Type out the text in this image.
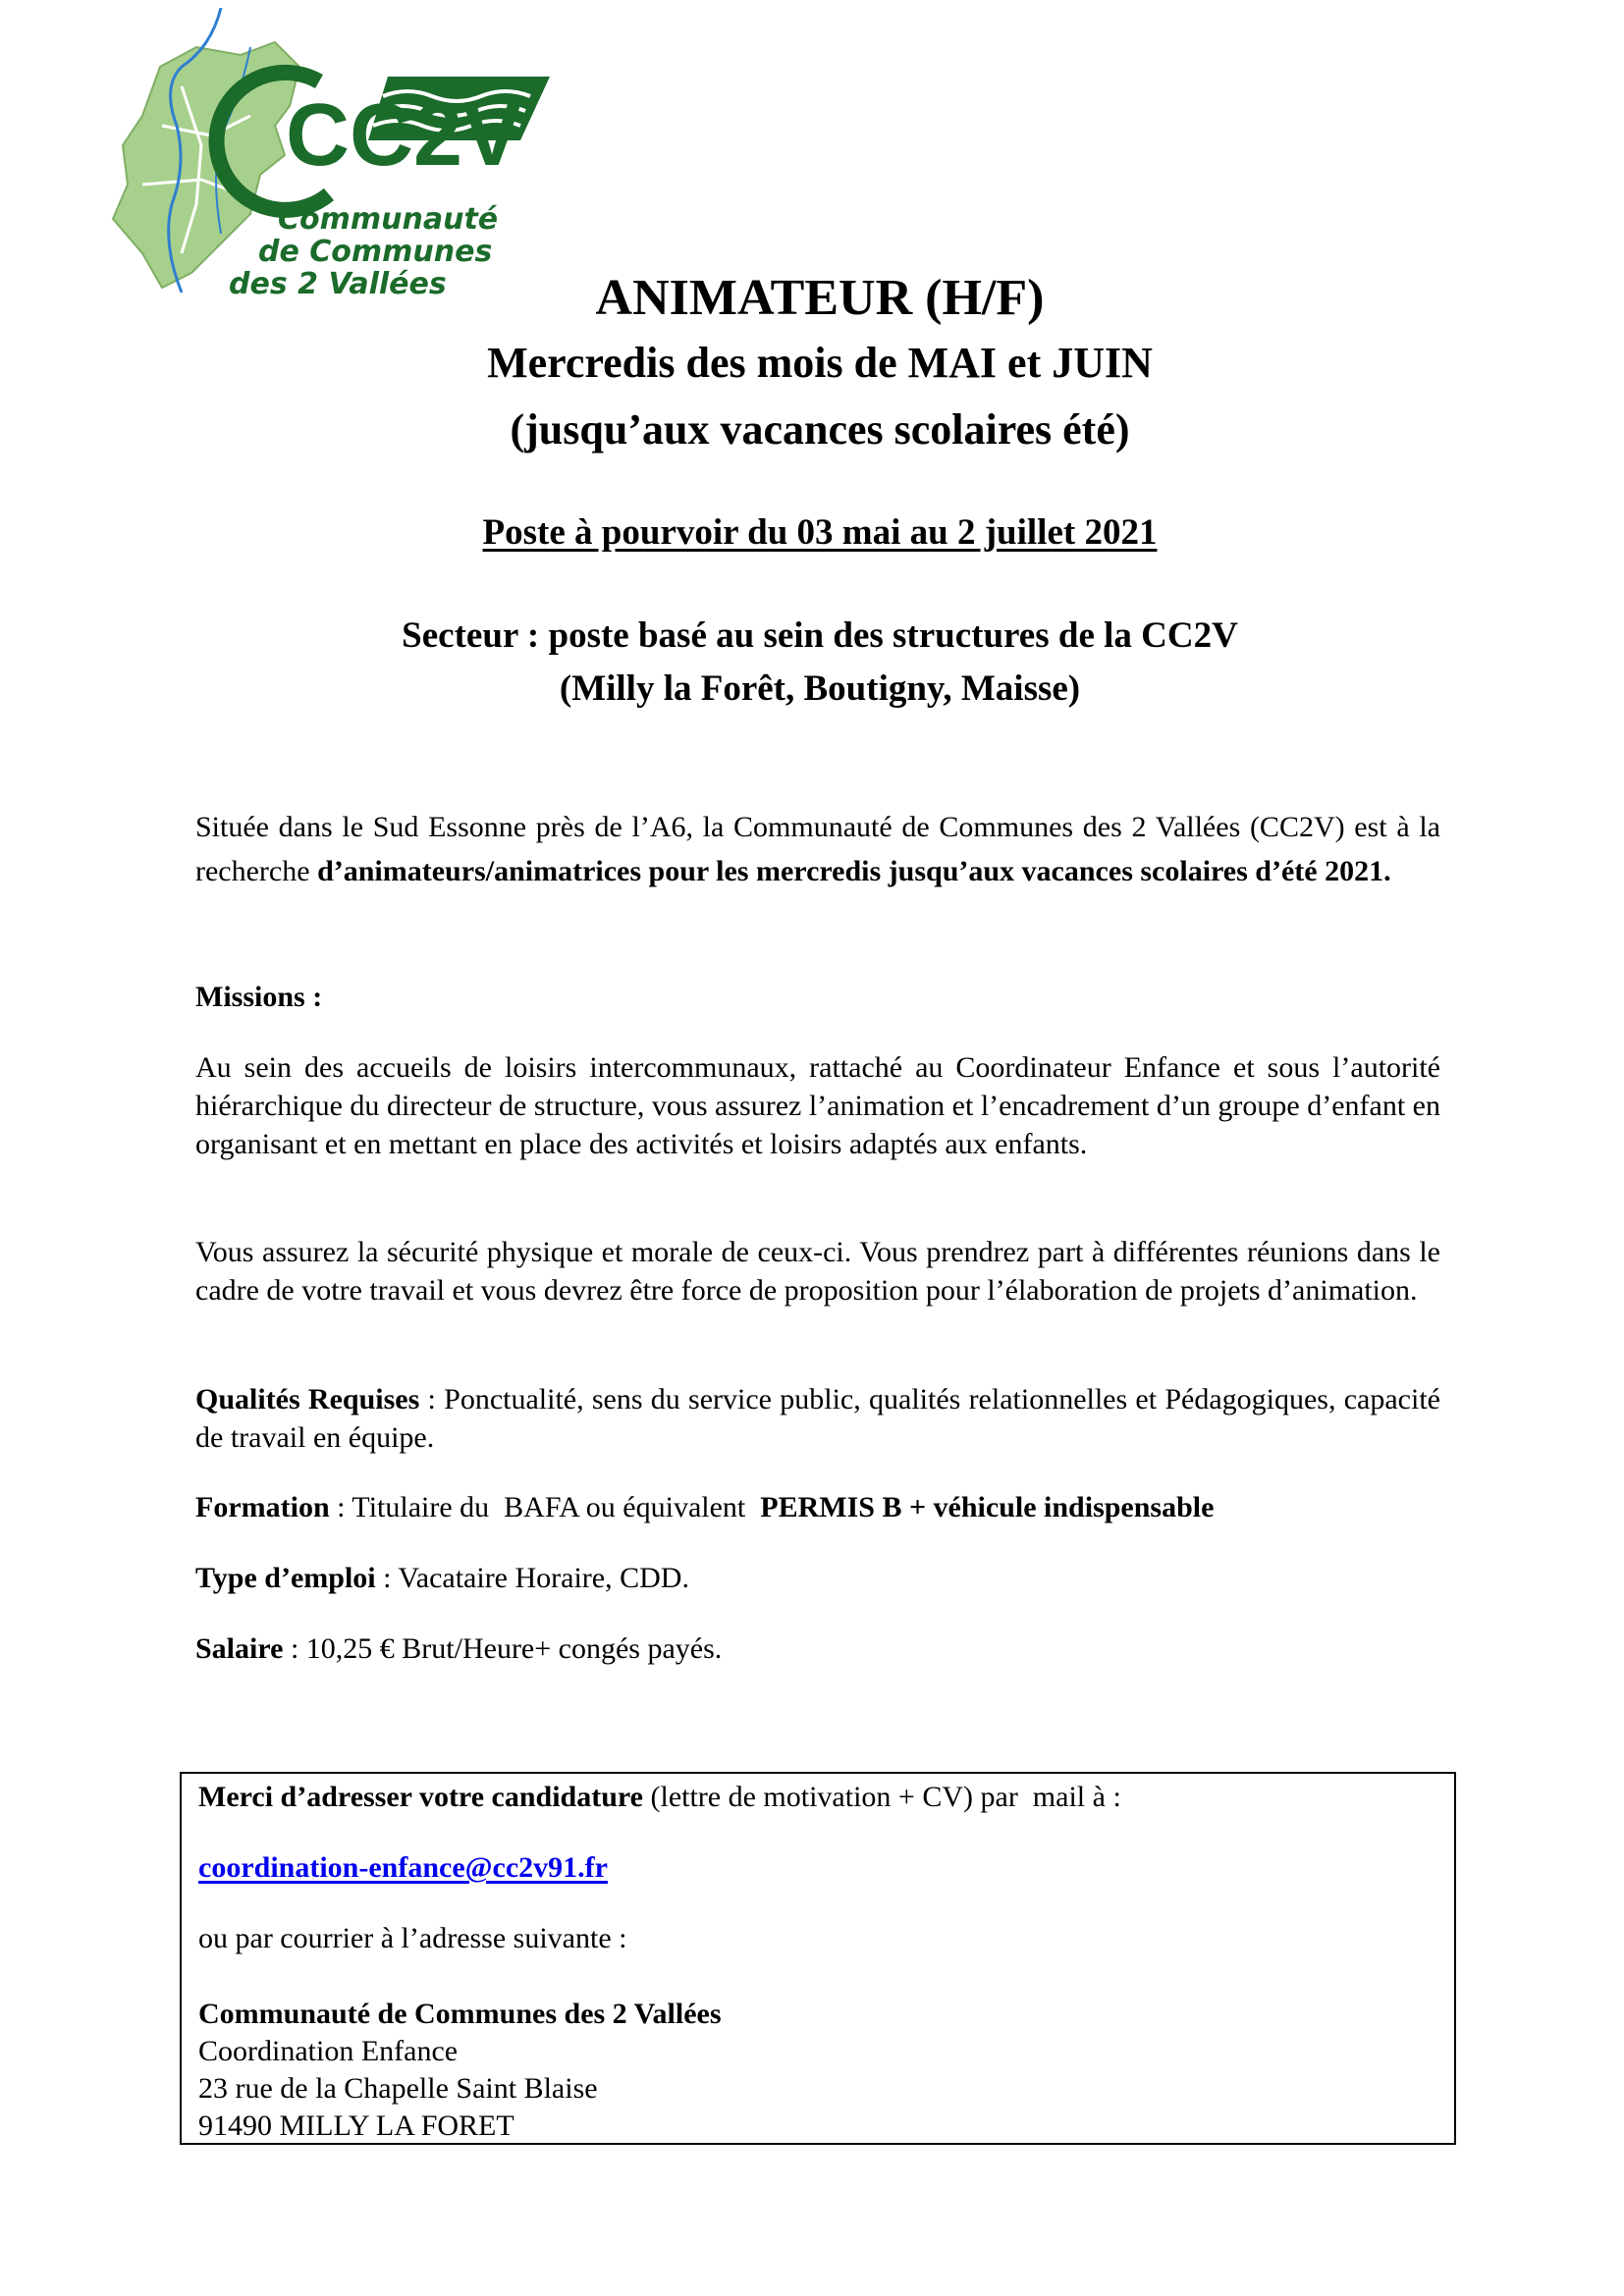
CC2V
Communauté
de Communes
des 2 Vallées	ANIMATEUR (H/F)
Mercredis des mois de MAI et JUIN
(jusqu’aux vacances scolaires été)
Poste à pourvoir du 03 mai au 2 juillet 2021
Secteur : poste basé au sein des structures de la CC2V
(Milly la Forêt, Boutigny, Maisse)
Située dans le Sud Essonne près de l’A6, la Communauté de Communes des 2 Vallées (CC2V) est à la recherche d’animateurs/animatrices pour les mercredis jusqu’aux vacances scolaires d’été 2021.
Missions :
Au sein des accueils de loisirs intercommunaux, rattaché au Coordinateur Enfance et sous l’autorité hiérarchique du directeur de structure, vous assurez l’animation et l’encadrement d’un groupe d’enfant en organisant et en mettant en place des activités et loisirs adaptés aux enfants.
Vous assurez la sécurité physique et morale de ceux-ci. Vous prendrez part à différentes réunions dans le cadre de votre travail et vous devrez être force de proposition pour l’élaboration de projets d’animation.
Qualités Requises : Ponctualité, sens du service public, qualités relationnelles et Pédagogiques, capacité de travail en équipe.
Formation : Titulaire du  BAFA ou équivalent  PERMIS B + véhicule indispensable
Type d’emploi : Vacataire Horaire, CDD.
Salaire : 10,25 € Brut/Heure+ congés payés.
Merci d’adresser votre candidature (lettre de motivation + CV) par  mail à :
coordination-enfance@cc2v91.fr
ou par courrier à l’adresse suivante :
Communauté de Communes des 2 Vallées
Coordination Enfance
23 rue de la Chapelle Saint Blaise
91490 MILLY LA FORET
